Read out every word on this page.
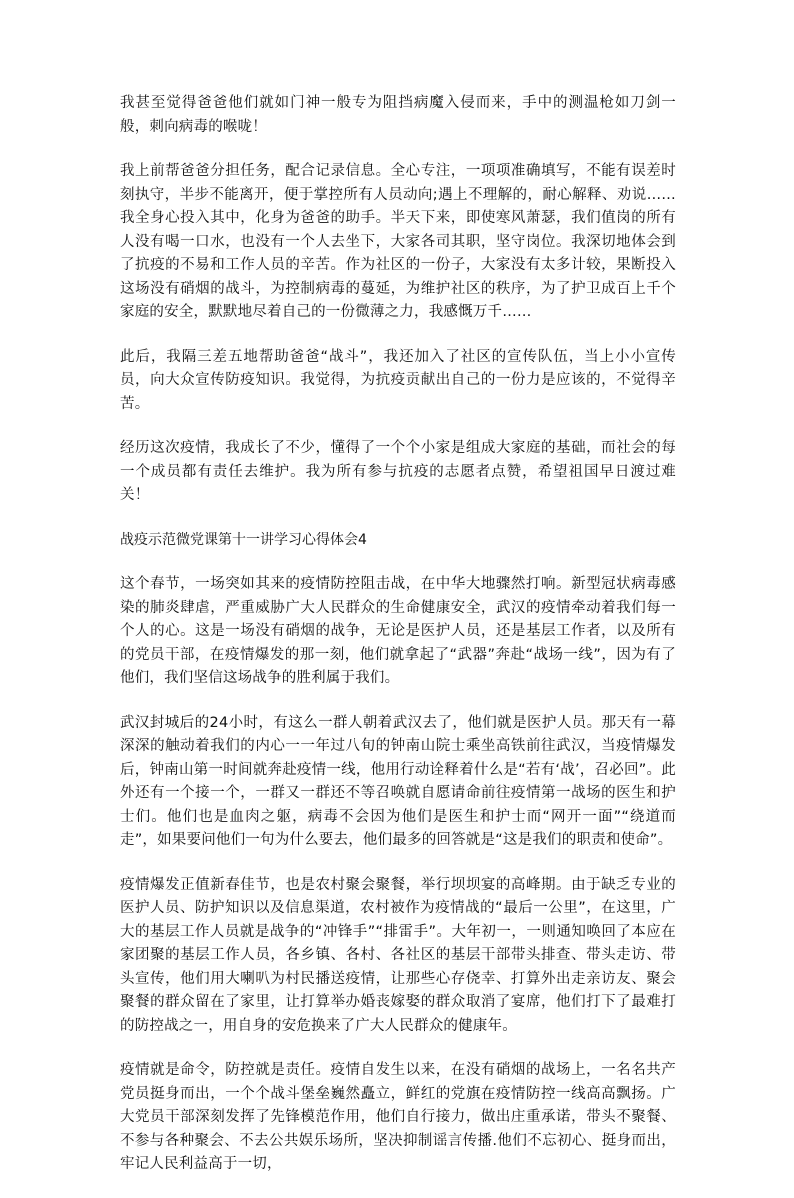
我甚至觉得爸爸他们就如门神一般专为阻挡病魔入侵而来，手中的测温枪如刀剑一般，刺向病毒的喉咙！

我上前帮爸爸分担任务，配合记录信息。全心专注，一项项准确填写，不能有误差时刻执守，半步不能离开，便于掌控所有人员动向;遇上不理解的，耐心解释、劝说……我全身心投入其中，化身为爸爸的助手。半天下来，即使寒风萧瑟，我们值岗的所有人没有喝一口水，也没有一个人去坐下，大家各司其职，坚守岗位。我深切地体会到了抗疫的不易和工作人员的辛苦。作为社区的一份子，大家没有太多计较，果断投入这场没有硝烟的战斗，为控制病毒的蔓延，为维护社区的秩序，为了护卫成百上千个家庭的安全，默默地尽着自己的一份微薄之力，我感慨万千……

此后，我隔三差五地帮助爸爸“战斗”，我还加入了社区的宣传队伍，当上小小宣传员，向大众宣传防疫知识。我觉得，为抗疫贡献出自己的一份力是应该的，不觉得辛苦。

经历这次疫情，我成长了不少，懂得了一个个小家是组成大家庭的基础，而社会的每一个成员都有责任去维护。我为所有参与抗疫的志愿者点赞，希望祖国早日渡过难关！

战疫示范微党课第十一讲学习心得体会4

这个春节，一场突如其来的疫情防控阻击战，在中华大地骤然打响。新型冠状病毒感染的肺炎肆虐，严重威胁广大人民群众的生命健康安全，武汉的疫情牵动着我们每一个人的心。这是一场没有硝烟的战争，无论是医护人员，还是基层工作者，以及所有的党员干部，在疫情爆发的那一刻，他们就拿起了“武器”奔赴“战场一线”，因为有了他们，我们坚信这场战争的胜利属于我们。

武汉封城后的24小时，有这么一群人朝着武汉去了，他们就是医护人员。那天有一幕深深的触动着我们的内心一一年过八旬的钟南山院士乘坐高铁前往武汉，当疫情爆发后，钟南山第一时间就奔赴疫情一线，他用行动诠释着什么是“若有‘战’，召必回”。此外还有一个接一个，一群又一群还不等召唤就自愿请命前往疫情第一战场的医生和护士们。他们也是血肉之躯，病毒不会因为他们是医生和护士而“网开一面”“绕道而走”，如果要问他们一句为什么要去，他们最多的回答就是“这是我们的职责和使命”。

疫情爆发正值新春佳节，也是农村聚会聚餐，举行坝坝宴的高峰期。由于缺乏专业的医护人员、防护知识以及信息渠道，农村被作为疫情战的“最后一公里”，在这里，广大的基层工作人员就是战争的“冲锋手”“排雷手”。大年初一，一则通知唤回了本应在家团聚的基层工作人员，各乡镇、各村、各社区的基层干部带头排查、带头走访、带头宣传，他们用大喇叭为村民播送疫情，让那些心存侥幸、打算外出走亲访友、聚会聚餐的群众留在了家里，让打算举办婚丧嫁娶的群众取消了宴席，他们打下了最难打的防控战之一，用自身的安危换来了广大人民群众的健康年。

疫情就是命令，防控就是责任。疫情自发生以来，在没有硝烟的战场上，一名名共产党员挺身而出，一个个战斗堡垒巍然矗立，鲜红的党旗在疫情防控一线高高飘扬。广大党员干部深刻发挥了先锋模范作用，他们自行接力，做出庄重承诺，带头不聚餐、不参与各种聚会、不去公共娱乐场所，坚决抑制谣言传播.他们不忘初心、挺身而出，牢记人民利益高于一切，
